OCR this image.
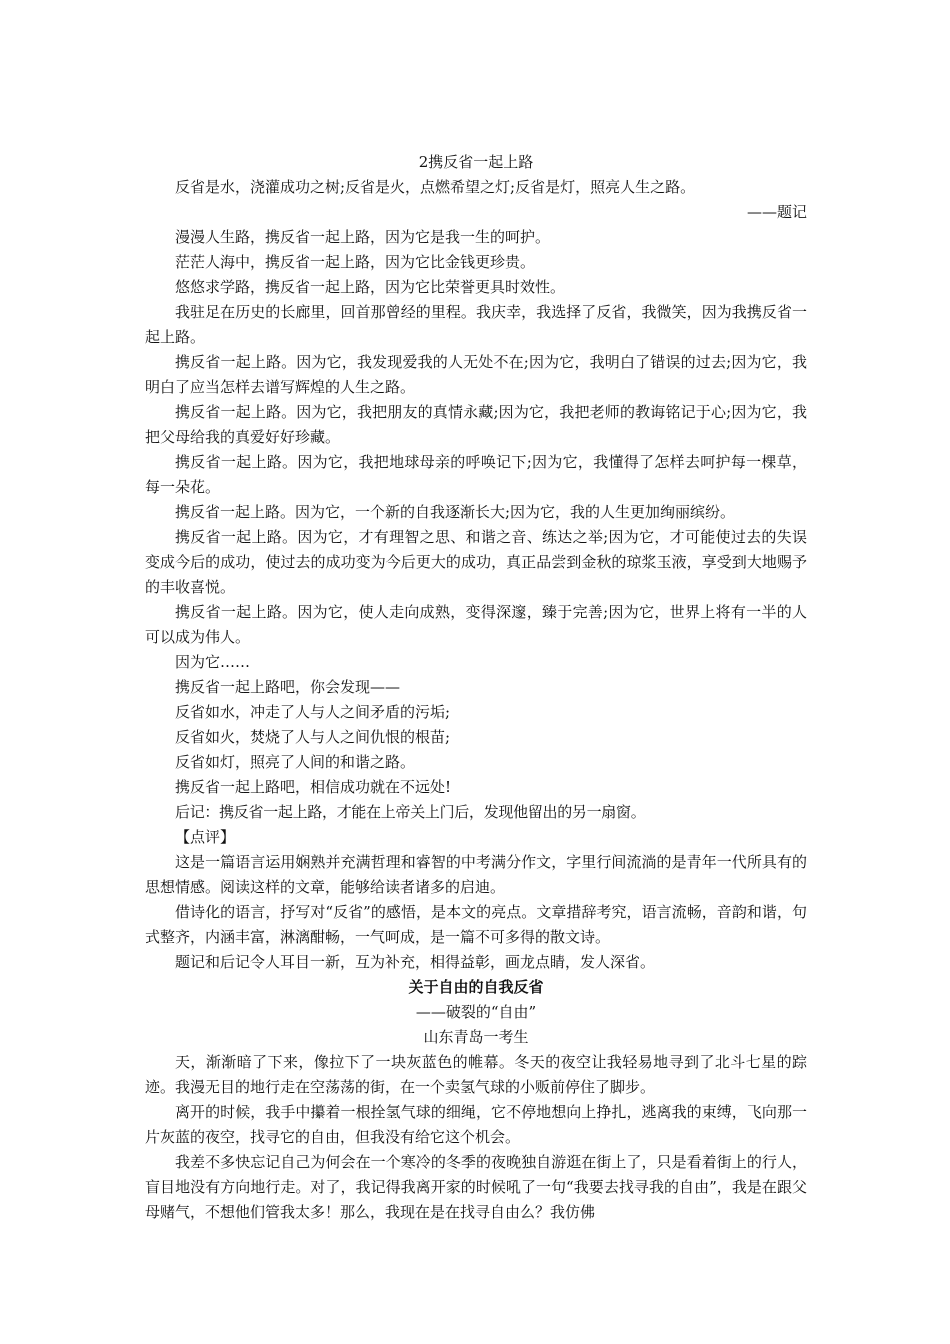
2携反省一起上路

反省是水，浇灌成功之树;反省是火，点燃希望之灯;反省是灯，照亮人生之路。

——题记

漫漫人生路，携反省一起上路，因为它是我一生的呵护。

茫茫人海中，携反省一起上路，因为它比金钱更珍贵。

悠悠求学路，携反省一起上路，因为它比荣誉更具时效性。

我驻足在历史的长廊里，回首那曾经的里程。我庆幸，我选择了反省，我微笑，因为我携反省一起上路。

携反省一起上路。因为它，我发现爱我的人无处不在;因为它，我明白了错误的过去;因为它，我明白了应当怎样去谱写辉煌的人生之路。

携反省一起上路。因为它，我把朋友的真情永藏;因为它，我把老师的教诲铭记于心;因为它，我把父母给我的真爱好好珍藏。

携反省一起上路。因为它，我把地球母亲的呼唤记下;因为它，我懂得了怎样去呵护每一棵草，每一朵花。

携反省一起上路。因为它，一个新的自我逐渐长大;因为它，我的人生更加绚丽缤纷。

携反省一起上路。因为它，才有理智之思、和谐之音、练达之举;因为它，才可能使过去的失误变成今后的成功，使过去的成功变为今后更大的成功，真正品尝到金秋的琼浆玉液，享受到大地赐予的丰收喜悦。

携反省一起上路。因为它，使人走向成熟，变得深邃，臻于完善;因为它，世界上将有一半的人可以成为伟人。

因为它……

携反省一起上路吧，你会发现——

反省如水，冲走了人与人之间矛盾的污垢;

反省如火，焚烧了人与人之间仇恨的根苗;

反省如灯，照亮了人间的和谐之路。

携反省一起上路吧，相信成功就在不远处!

后记：携反省一起上路，才能在上帝关上门后，发现他留出的另一扇窗。

【点评】

这是一篇语言运用娴熟并充满哲理和睿智的中考满分作文，字里行间流淌的是青年一代所具有的思想情感。阅读这样的文章，能够给读者诸多的启迪。

借诗化的语言，抒写对“反省”的感悟，是本文的亮点。文章措辞考究，语言流畅，音韵和谐，句式整齐，内涵丰富，淋漓酣畅，一气呵成，是一篇不可多得的散文诗。

题记和后记令人耳目一新，互为补充，相得益彰，画龙点睛，发人深省。

关于自由的自我反省

——破裂的“自由”

山东青岛一考生

天，渐渐暗了下来，像拉下了一块灰蓝色的帷幕。冬天的夜空让我轻易地寻到了北斗七星的踪迹。我漫无目的地行走在空荡荡的街，在一个卖氢气球的小贩前停住了脚步。

离开的时候，我手中攥着一根拴氢气球的细绳，它不停地想向上挣扎，逃离我的束缚，飞向那一片灰蓝的夜空，找寻它的自由，但我没有给它这个机会。

我差不多快忘记自己为何会在一个寒冷的冬季的夜晚独自游逛在街上了，只是看着街上的行人，盲目地没有方向地行走。对了，我记得我离开家的时候吼了一句“我要去找寻我的自由”，我是在跟父母赌气，不想他们管我太多！那么，我现在是在找寻自由么？我仿佛
